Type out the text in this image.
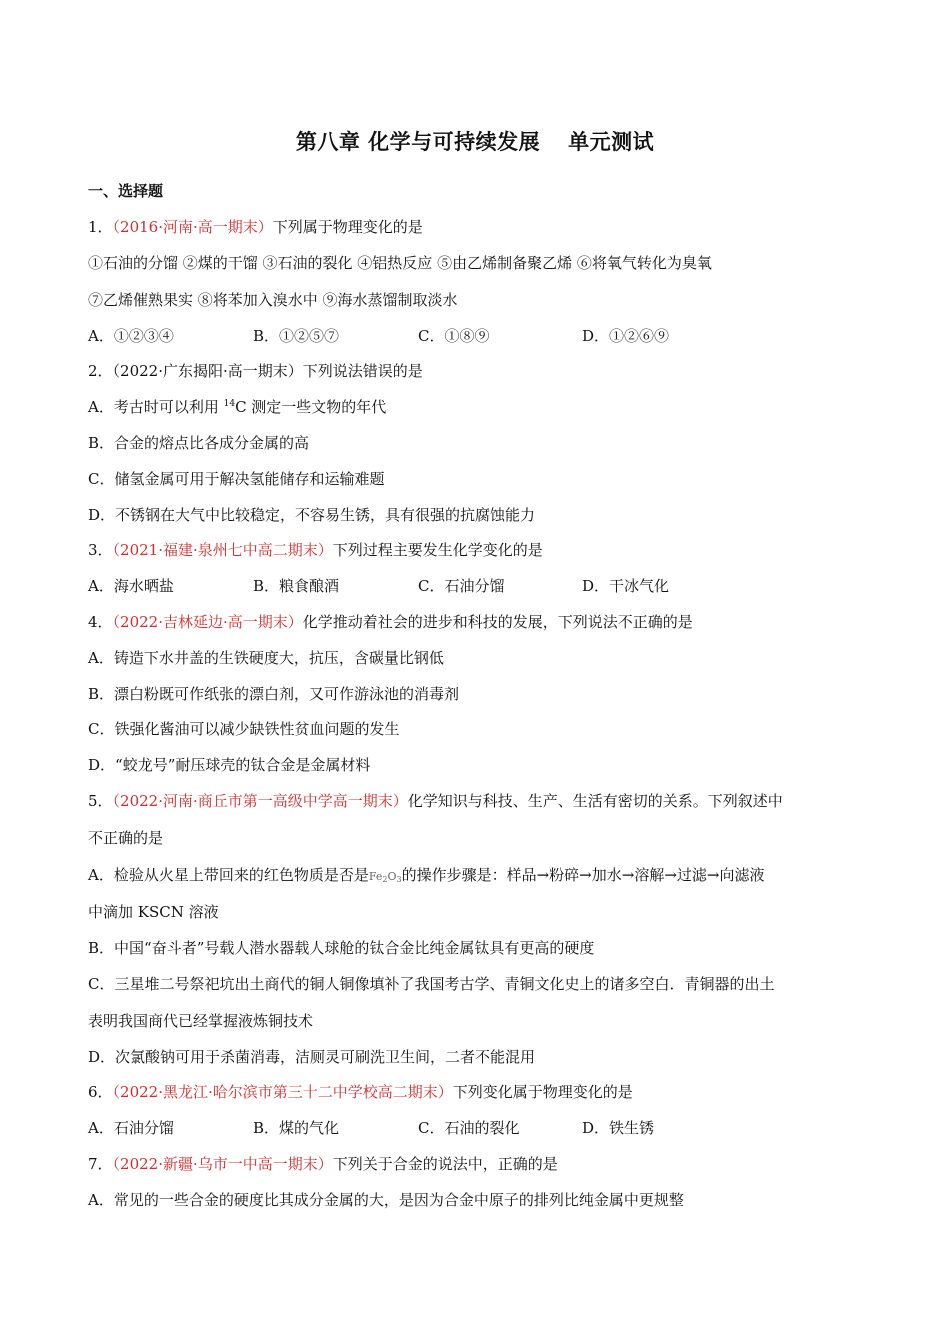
第八章 化学与可持续发展 单元测试
一、选择题
1．（2016·河南·高一期末）下列属于物理变化的是
①石油的分馏 ②煤的干馏 ③石油的裂化 ④铝热反应 ⑤由乙烯制备聚乙烯 ⑥将氧气转化为臭氧
⑦乙烯催熟果实 ⑧将苯加入溴水中 ⑨海水蒸馏制取淡水
A．①②③④	B．①②⑤⑦	C．①⑧⑨	D．①②⑥⑨
2．（2022·广东揭阳·高一期末）下列说法错误的是
A．考古时可以利用 $^{14}$C 测定一些文物的年代
B．合金的熔点比各成分金属的高
C．储氢金属可用于解决氢能储存和运输难题
D．不锈钢在大气中比较稳定，不容易生锈，具有很强的抗腐蚀能力
3．（2021·福建·泉州七中高二期末）下列过程主要发生化学变化的是
A．海水晒盐	B．粮食酿酒	C．石油分馏	D．干冰气化
4．（2022·吉林延边·高一期末）化学推动着社会的进步和科技的发展，下列说法不正确的是
A．铸造下水井盖的生铁硬度大，抗压，含碳量比钢低
B．漂白粉既可作纸张的漂白剂，又可作游泳池的消毒剂
C．铁强化酱油可以减少缺铁性贫血问题的发生
D．“蛟龙号”耐压球壳的钛合金是金属材料
5．（2022·河南·商丘市第一高级中学高一期末）化学知识与科技、生产、生活有密切的关系。下列叙述中
不正确的是
A．检验从火星上带回来的红色物质是否是$Fe_2O_3$的操作步骤是：样品→粉碎→加水→溶解→过滤→向滤液
中滴加 KSCN 溶液
B．中国“奋斗者”号载人潜水器载人球舱的钛合金比纯金属钛具有更高的硬度
C．三星堆二号祭祀坑出土商代的铜人铜像填补了我国考古学、青铜文化史上的诸多空白．青铜器的出土
表明我国商代已经掌握液炼铜技术
D．次氯酸钠可用于杀菌消毒，洁厕灵可刷洗卫生间，二者不能混用
6．（2022·黑龙江·哈尔滨市第三十二中学校高二期末）下列变化属于物理变化的是
A．石油分馏	B．煤的气化	C．石油的裂化	D．铁生锈
7．（2022·新疆·乌市一中高一期末）下列关于合金的说法中，正确的是
A．常见的一些合金的硬度比其成分金属的大，是因为合金中原子的排列比纯金属中更规整
